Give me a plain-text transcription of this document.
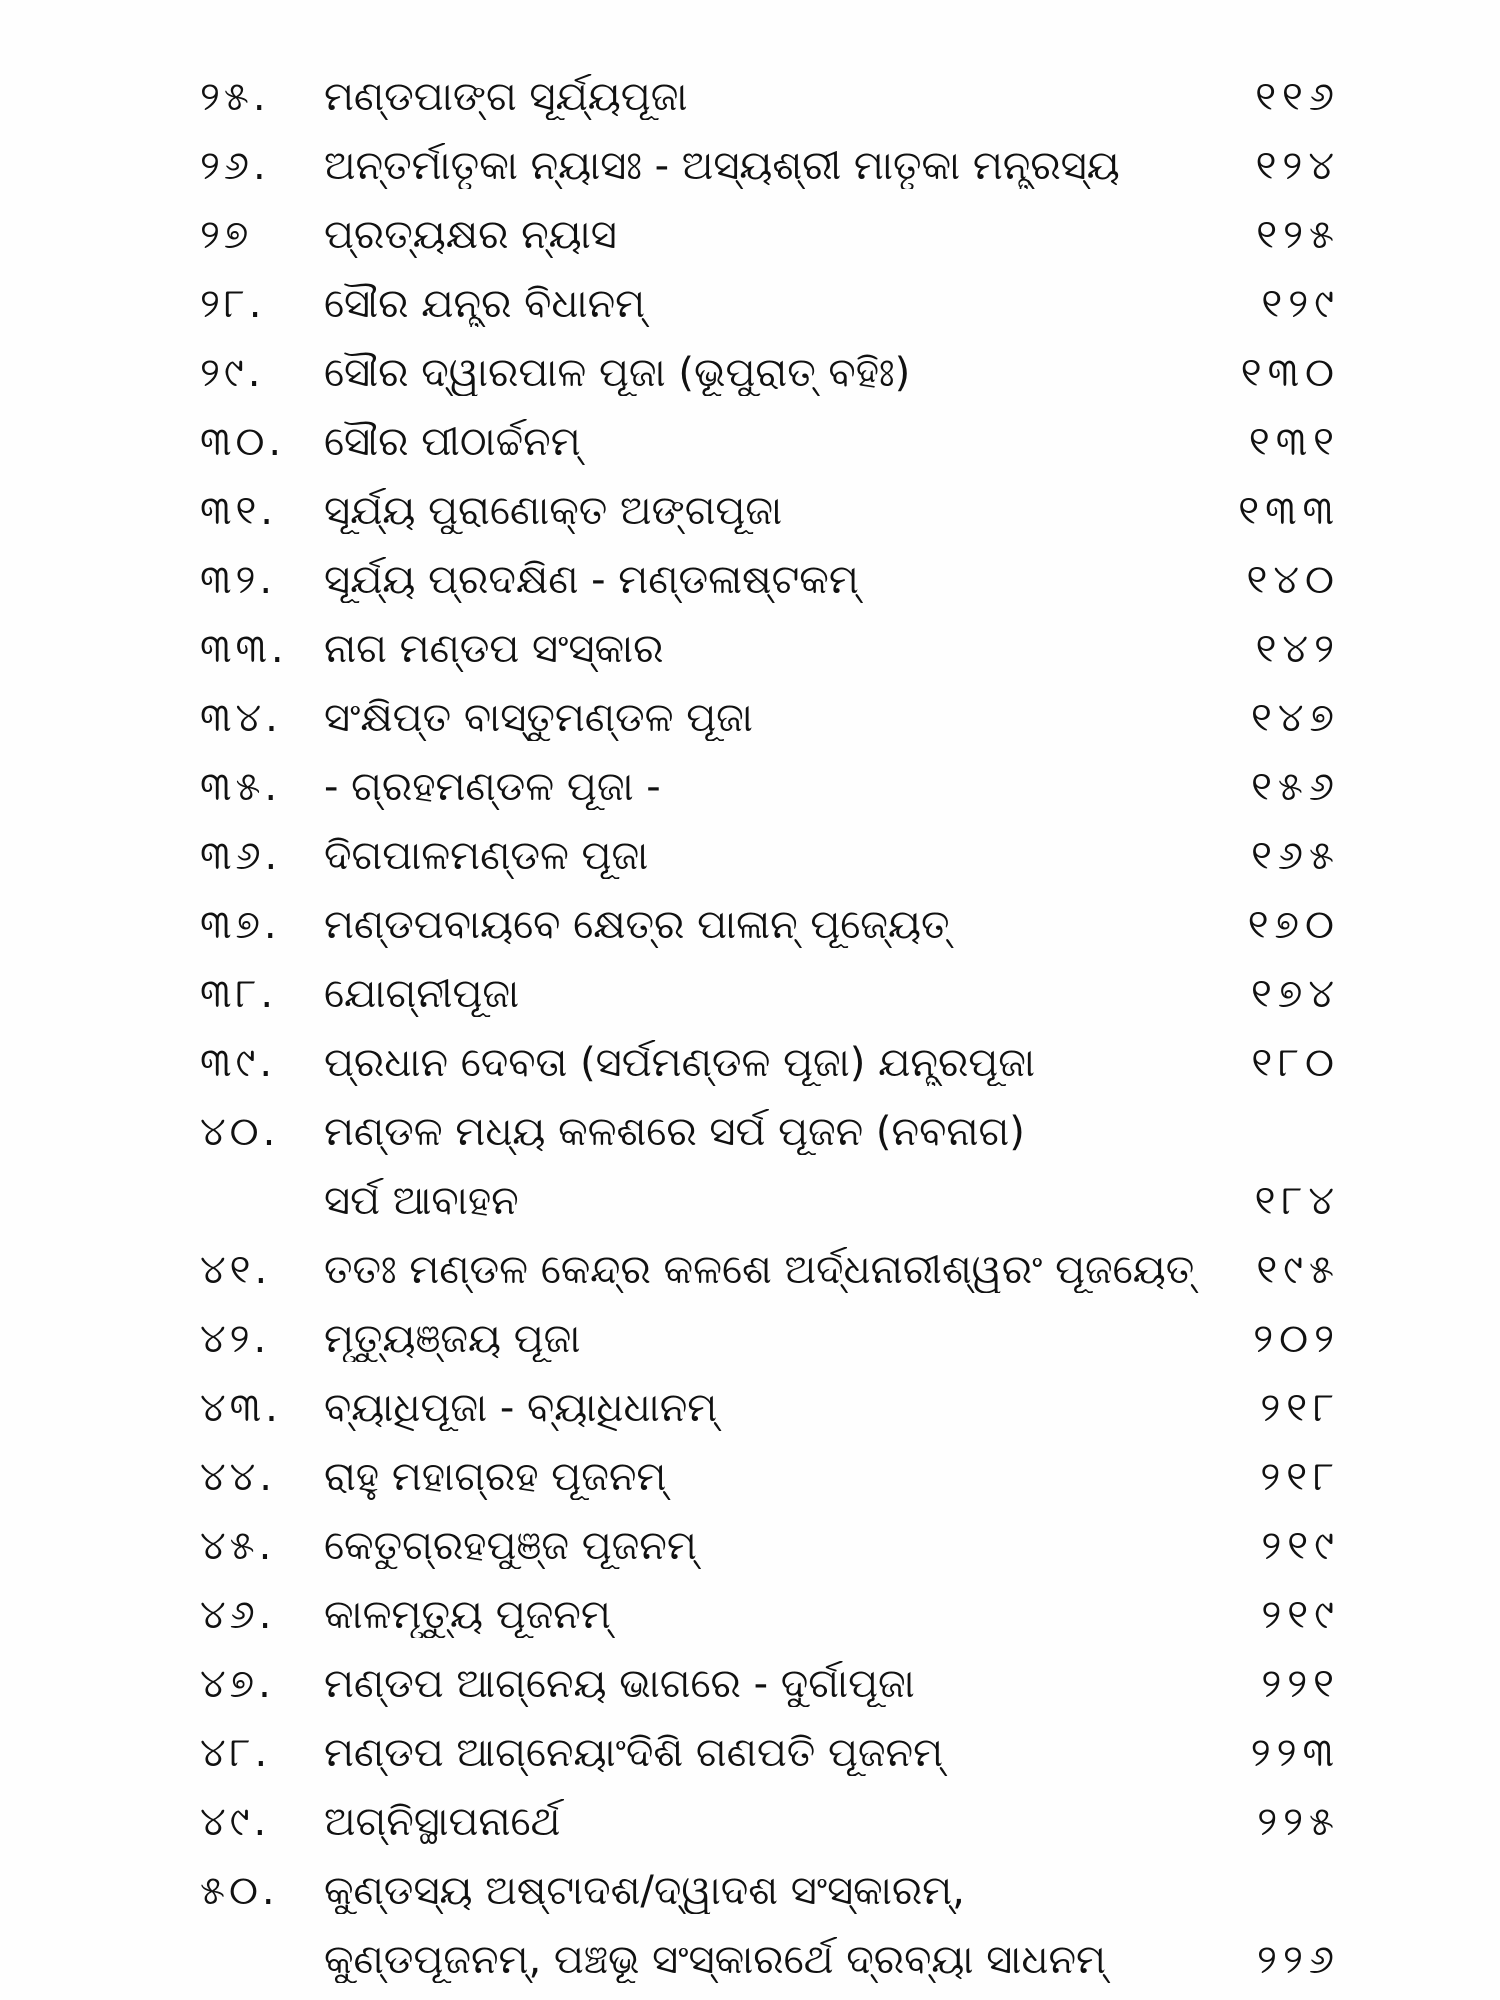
୨୫.	ମଣ୍ଡପାଙ୍ଗ ସୂର୍ଯ୍ୟପୂଜା	୧୧୬
୨୬.	ଅନ୍ତର୍ମାତୃକା ନ୍ୟାସଃ - ଅସ୍ୟଶ୍ରୀ ମାତୃକା ମନ୍ତ୍ରସ୍ୟ	୧୨୪
୨୭	ପ୍ରତ୍ୟକ୍ଷର ନ୍ୟାସ	୧୨୫
୨୮.	ସୌର ଯନ୍ତ୍ର ବିଧାନମ୍	୧୨୯
୨୯.	ସୌର ଦ୍ୱାରପାଳ ପୂଜା (ଭୂପୁରାତ୍ ବହିଃ)	୧୩୦
୩୦. ସୌର ପୀଠାର୍ଚ୍ଚନମ୍	୧୩୧
୩୧.	ସୂର୍ଯ୍ୟ ପୁରାଣୋକ୍ତ ଅଙ୍ଗପୂଜା	୧୩୩
୩୨.	ସୂର୍ଯ୍ୟ ପ୍ରଦକ୍ଷିଣ - ମଣ୍ଡଳାଷ୍ଟକମ୍	୧୪୦
୩୩. ନାଗ ମଣ୍ଡପ ସଂସ୍କାର	୧୪୨
୩୪.	ସଂକ୍ଷିପ୍ତ ବାସ୍ତୁମଣ୍ଡଳ ପୂଜା	୧୪୭
୩୫.	- ଗ୍ରହମଣ୍ଡଳ ପୂଜା -	୧୫୬
୩୬.	ଦିଗପାଳମଣ୍ଡଳ ପୂଜା	୧୬୫
୩୭.	ମଣ୍ଡପବାୟବେ କ୍ଷେତ୍ର ପାଳାନ୍ ପୂଜ୍ୟେତ୍	୧୭୦
୩୮.	ଯୋଗ୍ନୀପୂଜା	୧୭୪
୩୯.	ପ୍ରଧାନ ଦେବତା (ସର୍ପମଣ୍ଡଳ ପୂଜା) ଯନ୍ତ୍ରପୂଜା	୧୮୦
୪୦.	ମଣ୍ଡଳ ମଧ୍ୟ କଳଶରେ ସର୍ପ ପୂଜନ (ନବନାଗ)
ସର୍ପ ଆବାହନ	୧୮୪
୪୧.	ତତଃ ମଣ୍ଡଳ କେନ୍ଦ୍ର କଳଶେ ଅର୍ଦ୍ଧନାରୀଶ୍ୱରଂ ପୂଜୟେତ୍	୧୯୫
୪୨.	ମୃତ୍ୟୁଞ୍ଜୟ ପୂଜା	୨୦୨
୪୩.	ବ୍ୟାଧିପୂଜା - ବ୍ୟାଧିଧାନମ୍	୨୧୮
୪୪.	ରାହୁ ମହାଗ୍ରହ ପୂଜନମ୍	୨୧୮
୪୫.	କେତୁଗ୍ରହପୁଞ୍ଜ ପୂଜନମ୍	୨୧୯
୪୬.	କାଳମୃତ୍ୟୁ ପୂଜନମ୍	୨୧୯
୪୭.	ମଣ୍ଡପ ଆଗ୍ନେୟ ଭାଗରେ - ଦୁର୍ଗାପୂଜା	୨୨୧
୪୮.	ମଣ୍ଡପ ଆଗ୍ନେୟାଂଦିଶି ଗଣପତି ପୂଜନମ୍	୨୨୩
୪୯.	ଅଗ୍ନିସ୍ଥାପନାର୍ଥେ	୨୨୫
୫୦.	କୁଣ୍ଡସ୍ୟ ଅଷ୍ଟାଦଶ/ଦ୍ୱାଦଶ ସଂସ୍କାରମ୍,
କୁଣ୍ଡପୂଜନମ୍, ପଞ୍ଚଭୂ ସଂସ୍କାରର୍ଥେ ଦ୍ରବ୍ୟା ସାଧନମ୍	୨୨୬
